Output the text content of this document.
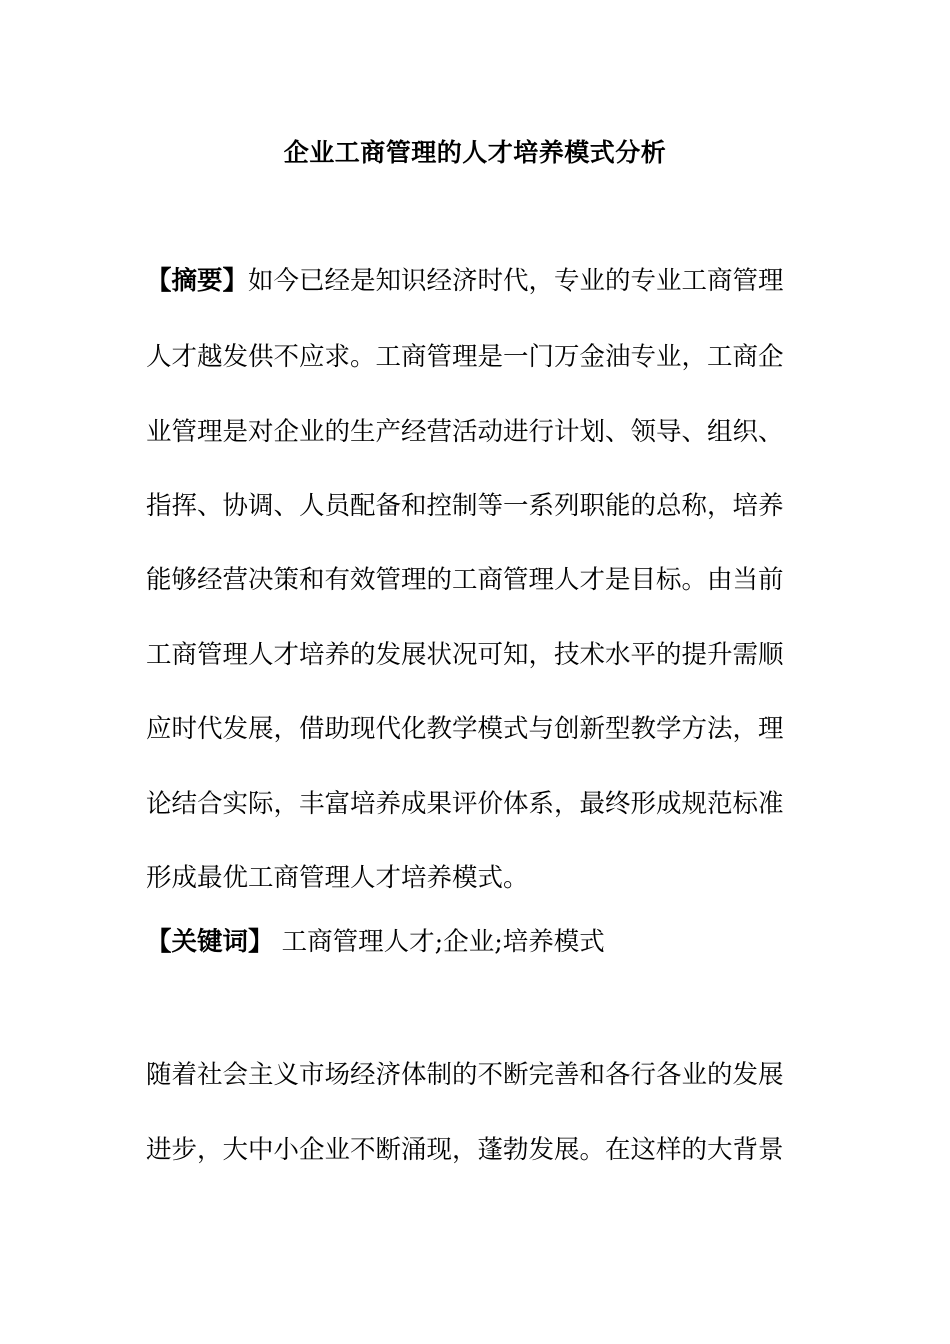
企业工商管理的人才培养模式分析
【摘要】如今已经是知识经济时代，专业的专业工商管理
人才越发供不应求。工商管理是一门万金油专业，工商企
业管理是对企业的生产经营活动进行计划、领导、组织、
指挥、协调、人员配备和控制等一系列职能的总称，培养
能够经营决策和有效管理的工商管理人才是目标。由当前
工商管理人才培养的发展状况可知，技术水平的提升需顺
应时代发展，借助现代化教学模式与创新型教学方法，理
论结合实际，丰富培养成果评价体系，最终形成规范标准
形成最优工商管理人才培养模式。
【关键词】 工商管理人才;企业;培养模式
随着社会主义市场经济体制的不断完善和各行各业的发展
进步，大中小企业不断涌现，蓬勃发展。在这样的大背景
